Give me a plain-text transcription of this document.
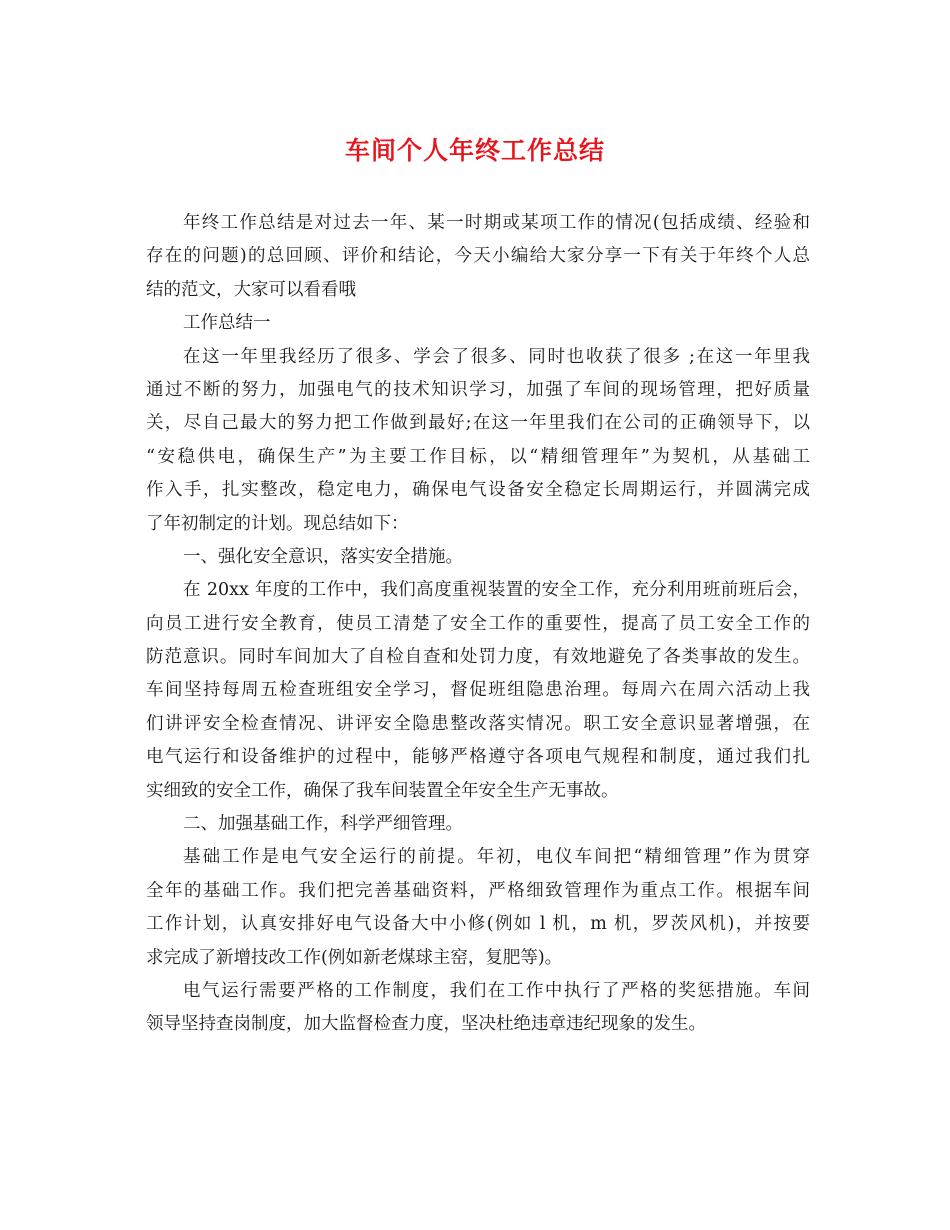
车间个人年终工作总结
年终工作总结是对过去一年、某一时期或某项工作的情况(包括成绩、经验和
存在的问题)的总回顾、评价和结论，今天小编给大家分享一下有关于年终个人总
结的范文，大家可以看看哦
工作总结一
在这一年里我经历了很多、学会了很多、同时也收获了很多 ;在这一年里我
通过不断的努力，加强电气的技术知识学习，加强了车间的现场管理，把好质量
关，尽自己最大的努力把工作做到最好;在这一年里我们在公司的正确领导下，以
“安稳供电，确保生产”为主要工作目标，以“精细管理年”为契机，从基础工
作入手，扎实整改，稳定电力，确保电气设备安全稳定长周期运行，并圆满完成
了年初制定的计划。现总结如下：
一、强化安全意识，落实安全措施。
在 20xx 年度的工作中，我们高度重视装置的安全工作，充分利用班前班后会，
向员工进行安全教育，使员工清楚了安全工作的重要性，提高了员工安全工作的
防范意识。同时车间加大了自检自查和处罚力度，有效地避免了各类事故的发生。
车间坚持每周五检查班组安全学习，督促班组隐患治理。每周六在周六活动上我
们讲评安全检查情况、讲评安全隐患整改落实情况。职工安全意识显著增强，在
电气运行和设备维护的过程中，能够严格遵守各项电气规程和制度，通过我们扎
实细致的安全工作，确保了我车间装置全年安全生产无事故。
二、加强基础工作，科学严细管理。
基础工作是电气安全运行的前提。年初，电仪车间把“精细管理”作为贯穿
全年的基础工作。我们把完善基础资料，严格细致管理作为重点工作。根据车间
工作计划，认真安排好电气设备大中小修(例如 l 机，m 机，罗茨风机)，并按要
求完成了新增技改工作(例如新老煤球主窑，复肥等)。
电气运行需要严格的工作制度，我们在工作中执行了严格的奖惩措施。车间
领导坚持查岗制度，加大监督检查力度，坚决杜绝违章违纪现象的发生。
